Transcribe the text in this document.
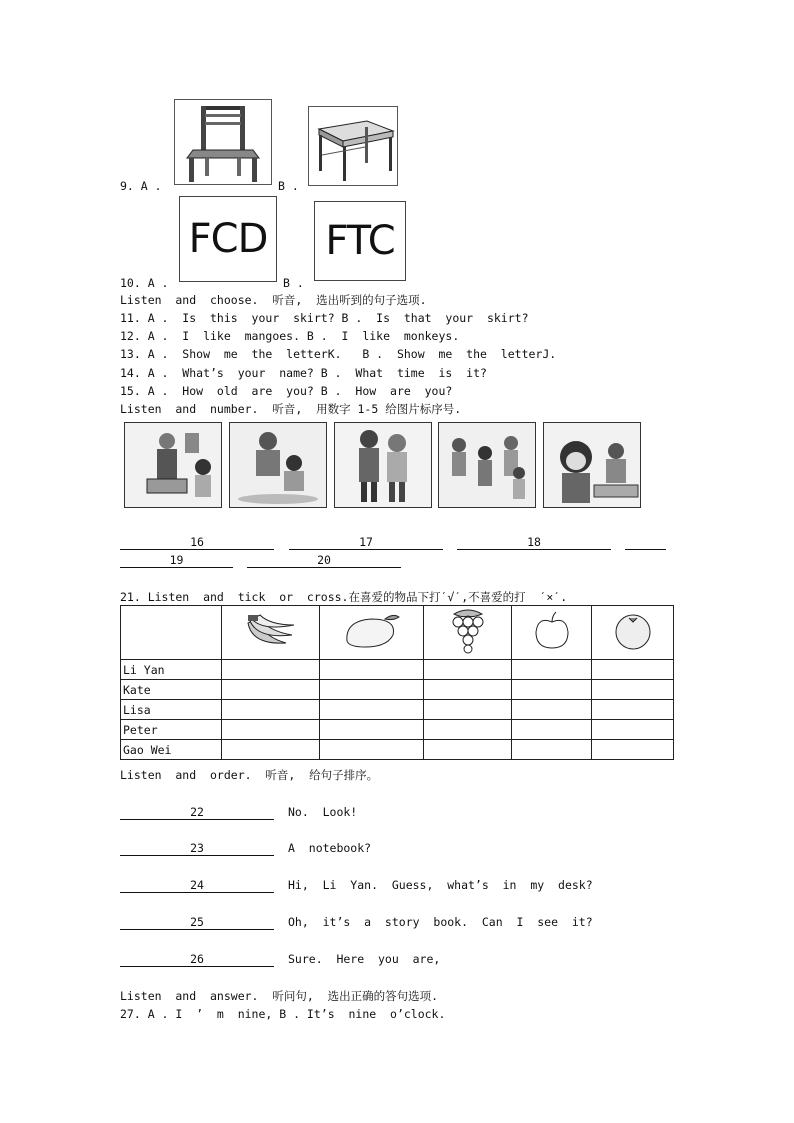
9. A .	B .
FCD FTC
10. A .	B .
Listen  and  choose.  听音,  选出听到的句子选项.
11. A .  Is  this  your  skirt? B .  Is  that  your  skirt?
12. A .  I  like  mangoes. B .  I  like  monkeys.
13. A .  Show  me  the  letterK.   B .  Show  me  the  letterJ.
14. A .  What’s  your  name? B .  What  time  is  it?
15. A .  How  old  are  you? B .  How  are  you?
Listen  and  number.  听音,  用数字 1-5 给图片标序号.
16	17	18
19	20
21. Listen  and  tick  or  cross.在喜爱的物品下打ˊ√ˊ,不喜爱的打  ˊ×ˊ.

Li Yan					
Kate					
Lisa					
Peter					
Gao Wei					
Listen  and  order.  听音,  给句子排序。
22	No.  Look!
23	A  notebook?
24	Hi,  Li  Yan.  Guess,  what’s  in  my  desk?
25	Oh,  it’s  a  story  book.  Can  I  see  it?
26	Sure.  Here  you  are,
Listen  and  answer.  听问句,  选出正确的答句选项.
27. A . I  ’  m  nine, B . It’s  nine  o’clock.
